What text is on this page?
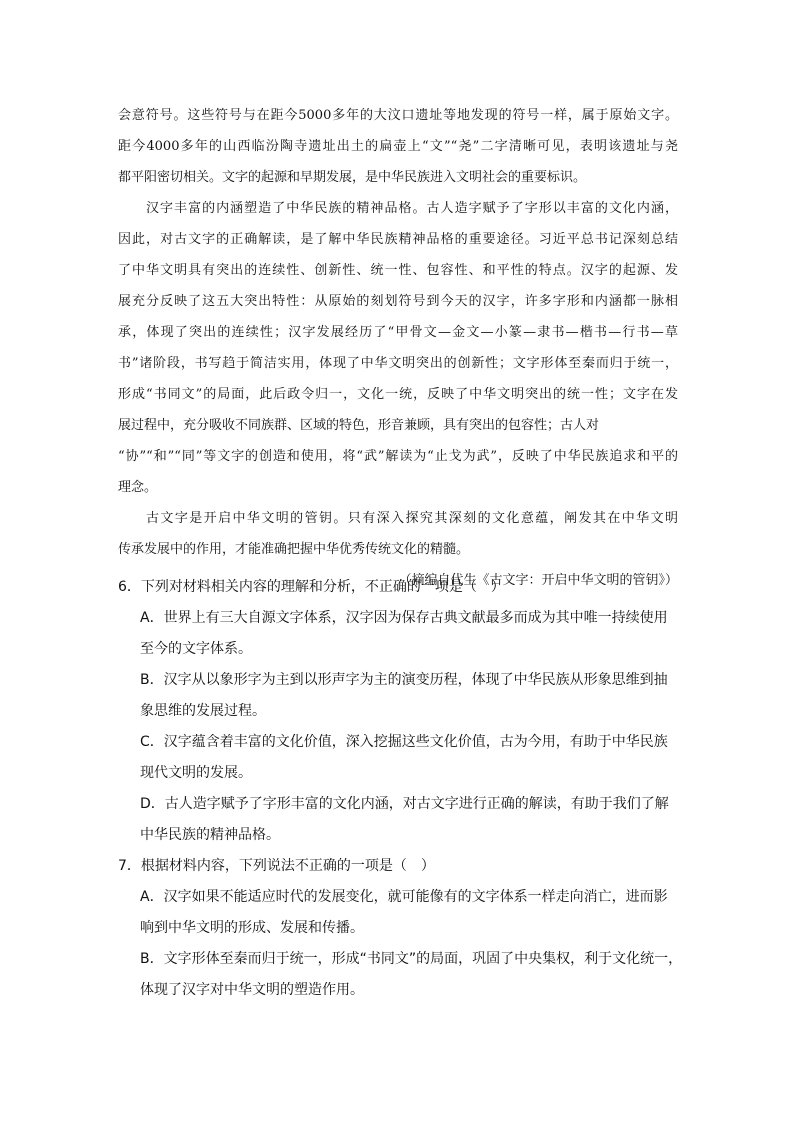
会意符号。这些符号与在距今5000多年的大汶口遗址等地发现的符号一样，属于原始文字。
距今4000多年的山西临汾陶寺遗址出土的扁壶上“文”“尧”二字清晰可见，表明该遗址与尧
都平阳密切相关。文字的起源和早期发展，是中华民族进入文明社会的重要标识。
汉字丰富的内涵塑造了中华民族的精神品格。古人造字赋予了字形以丰富的文化内涵，
因此，对古文字的正确解读，是了解中华民族精神品格的重要途径。习近平总书记深刻总结
了中华文明具有突出的连续性、创新性、统一性、包容性、和平性的特点。汉字的起源、发
展充分反映了这五大突出特性：从原始的刻划符号到今天的汉字，许多字形和内涵都一脉相
承，体现了突出的连续性；汉字发展经历了“甲骨文—金文—小篆—隶书—楷书—行书—草
书”诸阶段，书写趋于简洁实用，体现了中华文明突出的创新性；文字形体至秦而归于统一，
形成“书同文”的局面，此后政令归一，文化一统，反映了中华文明突出的统一性；文字在发
展过程中，充分吸收不同族群、区域的特色，形音兼顾，具有突出的包容性；古人对
“协”“和”“同”等文字的创造和使用，将“武”解读为“止戈为武”，反映了中华民族追求和平的
理念。
古文字是开启中华文明的管钥。只有深入探究其深刻的文化意蕴，阐发其在中华文明
传承发展中的作用，才能准确把握中华优秀传统文化的精髓。
（摘编自代生《古文字：开启中华文明的管钥》）
6．下列对材料相关内容的理解和分析，不正确的一项是（　）
A．世界上有三大自源文字体系，汉字因为保存古典文献最多而成为其中唯一持续使用
至今的文字体系。
B．汉字从以象形字为主到以形声字为主的演变历程，体现了中华民族从形象思维到抽
象思维的发展过程。
C．汉字蕴含着丰富的文化价值，深入挖掘这些文化价值，古为今用，有助于中华民族
现代文明的发展。
D．古人造字赋予了字形丰富的文化内涵，对古文字进行正确的解读，有助于我们了解
中华民族的精神品格。
7．根据材料内容，下列说法不正确的一项是（　）
A．汉字如果不能适应时代的发展变化，就可能像有的文字体系一样走向消亡，进而影
响到中华文明的形成、发展和传播。
B．文字形体至秦而归于统一，形成“书同文”的局面，巩固了中央集权，利于文化统一，
体现了汉字对中华文明的塑造作用。
